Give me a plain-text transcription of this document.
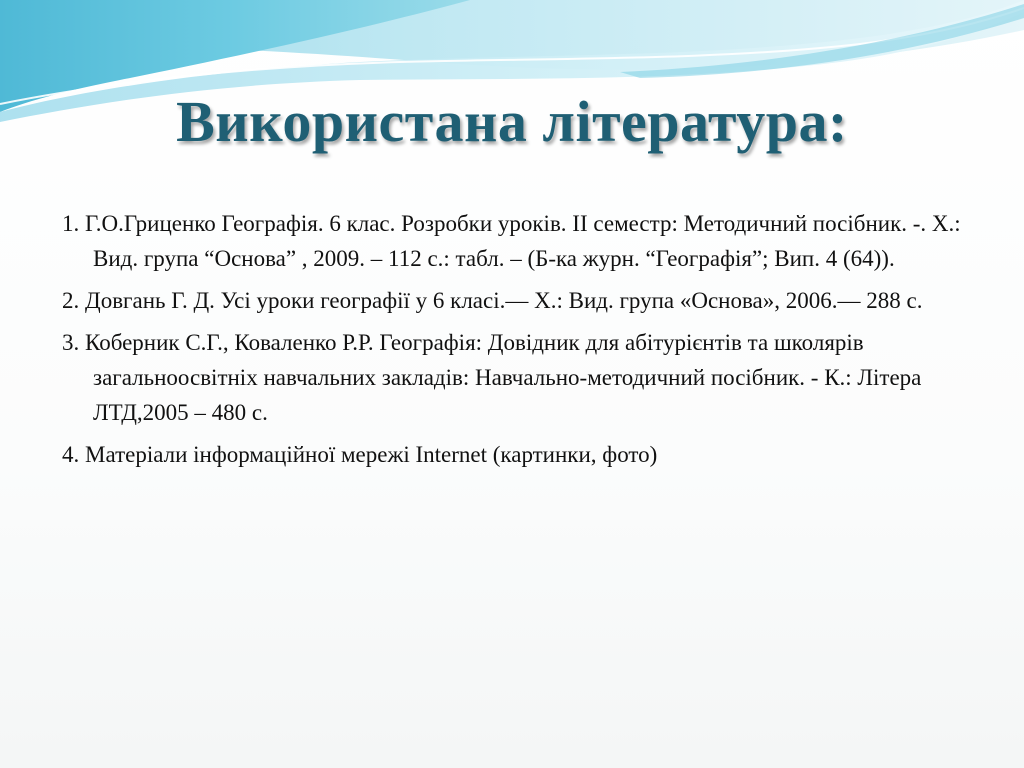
Використана література:
1. Г.О.Гриценко Географія. 6 клас. Розробки уроків. ІІ семестр: Методичний посібник. -. Х.: Вид. група “Основа” , 2009. – 112 с.: табл. – (Б-ка журн. “Географія”; Вип. 4 (64)).
2. Довгань Г. Д. Усі уроки географії у 6 класі.— Х.: Вид. група «Основа», 2006.— 288 с.
3. Коберник С.Г., Коваленко Р.Р. Географія: Довідник для абітурієнтів та школярів загальноосвітніх навчальних закладів: Навчально-методичний посібник. - К.: Літера ЛТД,2005 – 480 с.
4. Матеріали інформаційної мережі Internet (картинки, фото)
